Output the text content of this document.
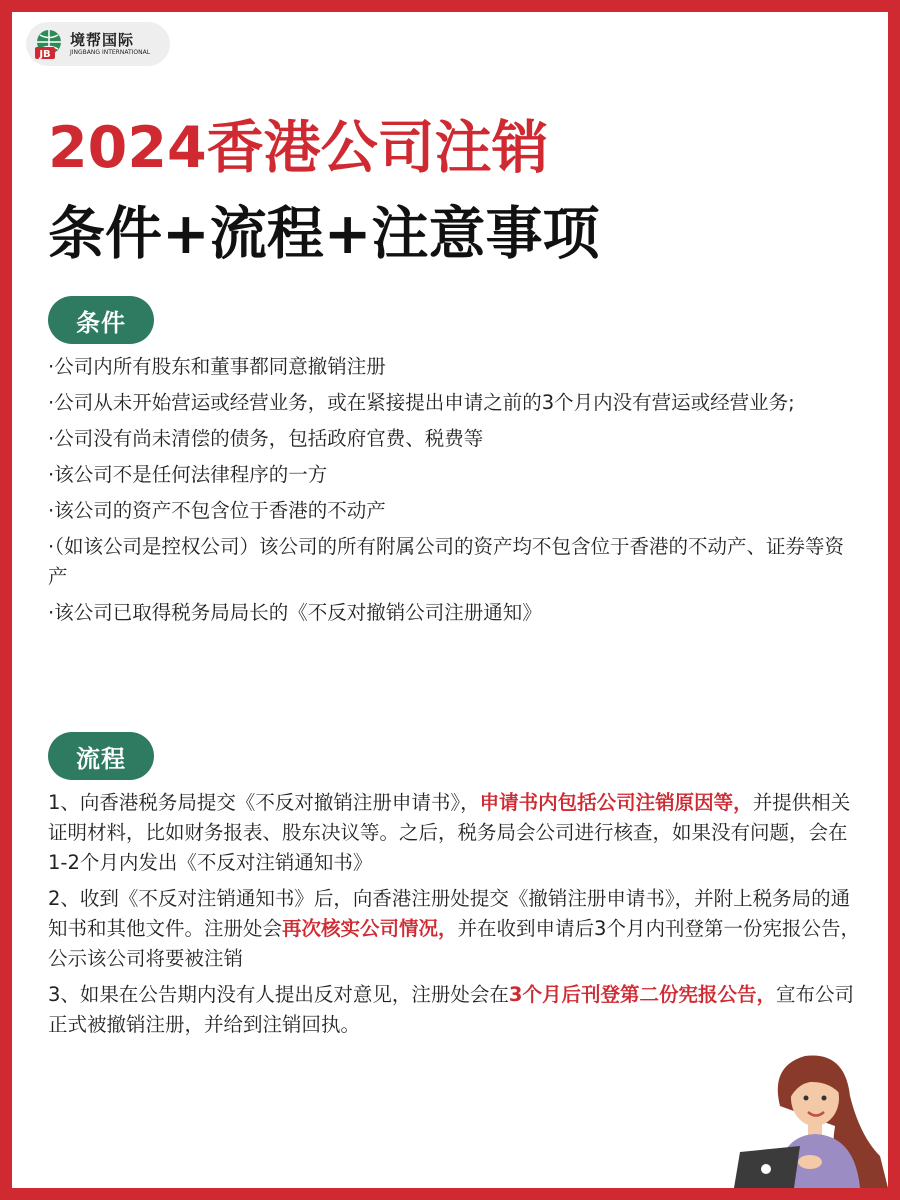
JB
境帮国际
JINGBANG INTERNATIONAL
2024香港公司注销
条件+流程+注意事项
条件

·公司内所有股东和董事都同意撤销注册

·公司从未开始营运或经营业务，或在紧接提出申请之前的3个月内没有营运或经营业务;

·公司没有尚未清偿的债务，包括政府官费、税费等

·该公司不是任何法律程序的一方

·该公司的资产不包含位于香港的不动产

·（如该公司是控权公司）该公司的所有附属公司的资产均不包含位于香港的不动产、证券等资产

·该公司已取得税务局局长的《不反对撤销公司注册通知》

流程

1、向香港税务局提交《不反对撤销注册申请书》，申请书内包括公司注销原因等，并提供相关证明材料，比如财务报表、股东决议等。之后，税务局会公司进行核查，如果没有问题，会在1-2个月内发出《不反对注销通知书》

2、收到《不反对注销通知书》后，向香港注册处提交《撤销注册申请书》，并附上税务局的通知书和其他文件。注册处会再次核实公司情况，并在收到申请后3个月内刊登第一份宪报公告，公示该公司将要被注销

3、如果在公告期内没有人提出反对意见，注册处会在3个月后刊登第二份宪报公告，宣布公司正式被撤销注册，并给到注销回执。
